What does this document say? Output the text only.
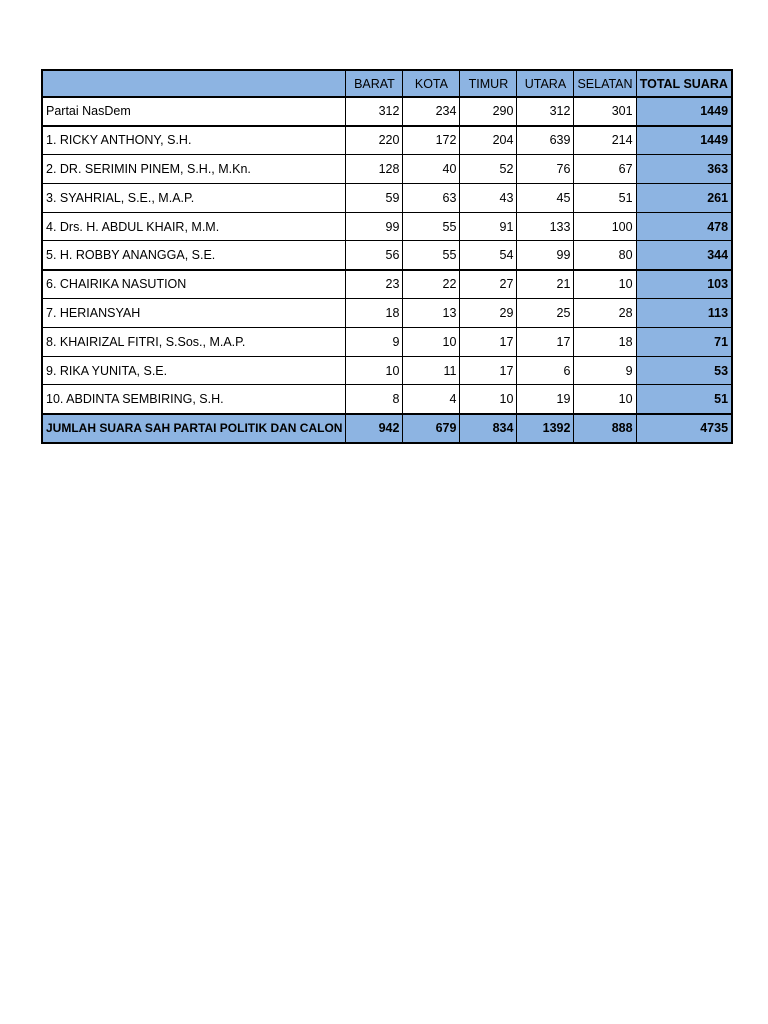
	BARAT	KOTA	TIMUR	UTARA	SELATAN	TOTAL SUARA
Partai NasDem	312	234	290	312	301	1449
1. RICKY ANTHONY, S.H.	220	172	204	639	214	1449
2. DR. SERIMIN PINEM, S.H., M.Kn.	128	40	52	76	67	363
3. SYAHRIAL, S.E., M.A.P.	59	63	43	45	51	261
4. Drs. H. ABDUL KHAIR, M.M.	99	55	91	133	100	478
5. H. ROBBY ANANGGA, S.E.	56	55	54	99	80	344
6. CHAIRIKA NASUTION	23	22	27	21	10	103
7. HERIANSYAH	18	13	29	25	28	113
8. KHAIRIZAL FITRI, S.Sos., M.A.P.	9	10	17	17	18	71
9. RIKA YUNITA, S.E.	10	11	17	6	9	53
10. ABDINTA SEMBIRING, S.H.	8	4	10	19	10	51
JUMLAH SUARA SAH PARTAI POLITIK DAN CALON	942	679	834	1392	888	4735
